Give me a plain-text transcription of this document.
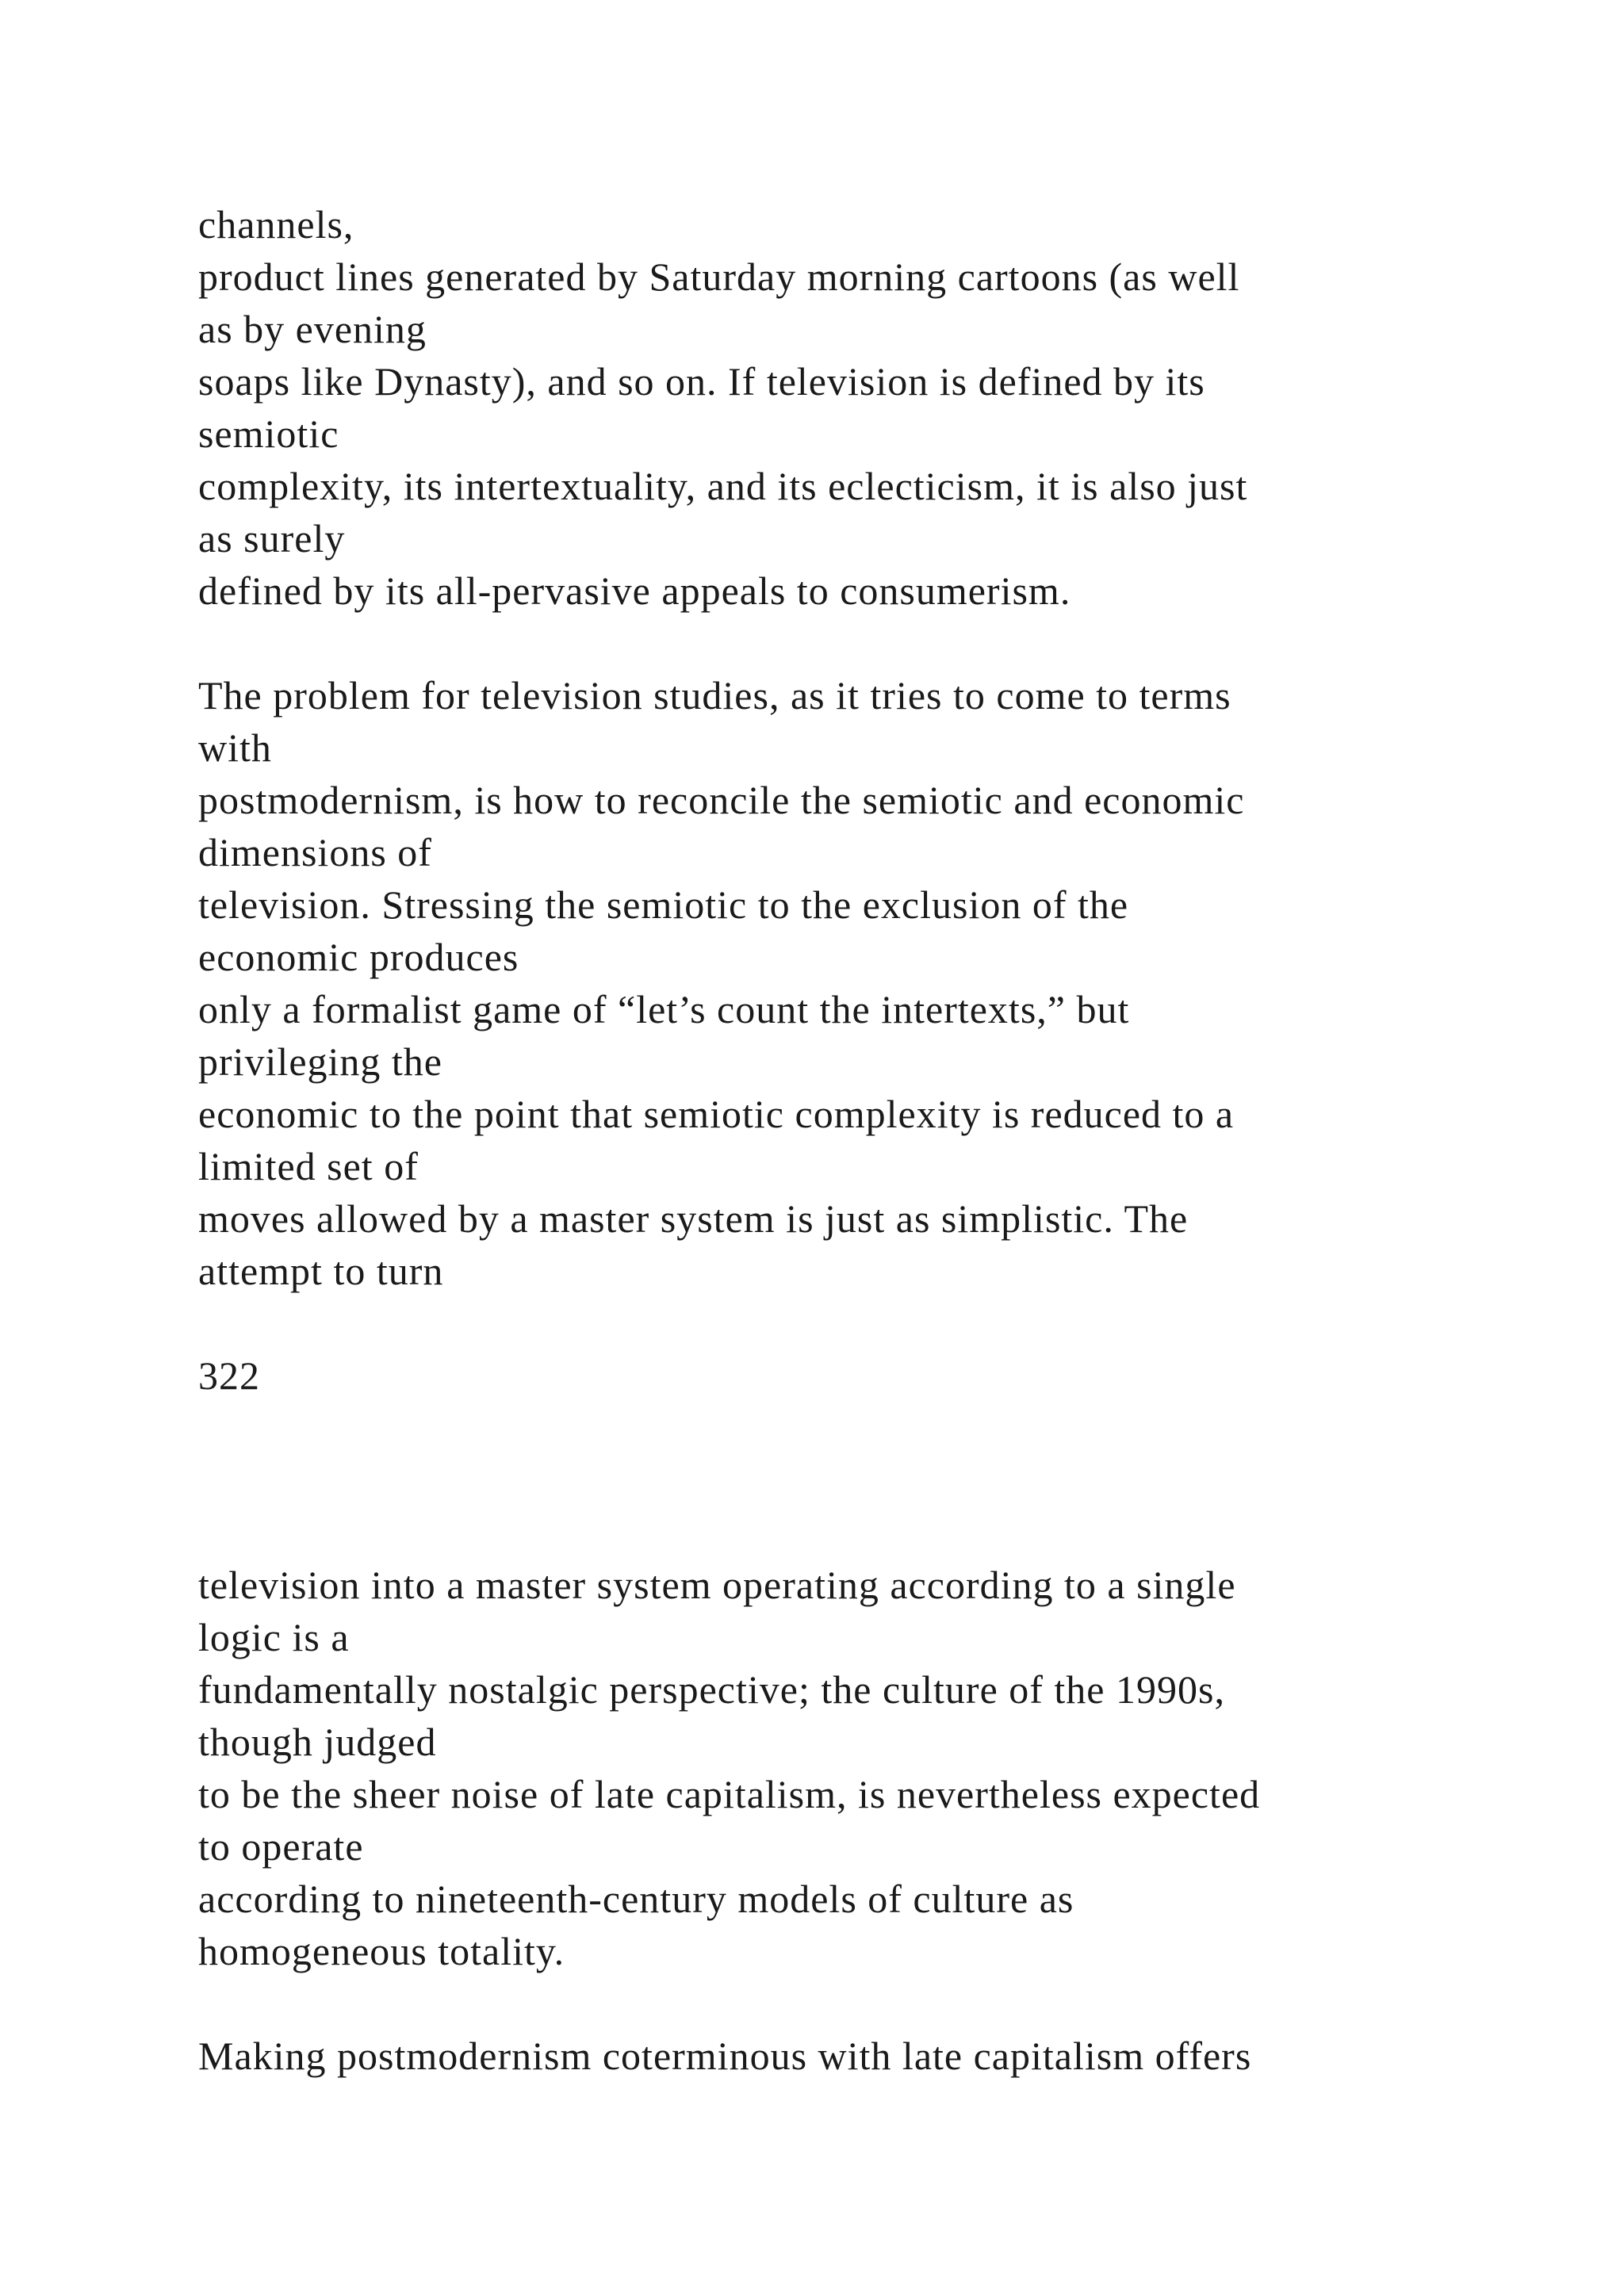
channels,
product lines generated by Saturday morning cartoons (as well
as by evening
soaps like Dynasty), and so on. If television is defined by its
semiotic
complexity, its intertextuality, and its eclecticism, it is also just
as surely
defined by its all-pervasive appeals to consumerism.
The problem for television studies, as it tries to come to terms
with
postmodernism, is how to reconcile the semiotic and economic
dimensions of
television. Stressing the semiotic to the exclusion of the
economic produces
only a formalist game of “let’s count the intertexts,” but
privileging the
economic to the point that semiotic complexity is reduced to a
limited set of
moves allowed by a master system is just as simplistic. The
attempt to turn
322
television into a master system operating according to a single
logic is a
fundamentally nostalgic perspective; the culture of the 1990s,
though judged
to be the sheer noise of late capitalism, is nevertheless expected
to operate
according to nineteenth-century models of culture as
homogeneous totality.
Making postmodernism coterminous with late capitalism offers
